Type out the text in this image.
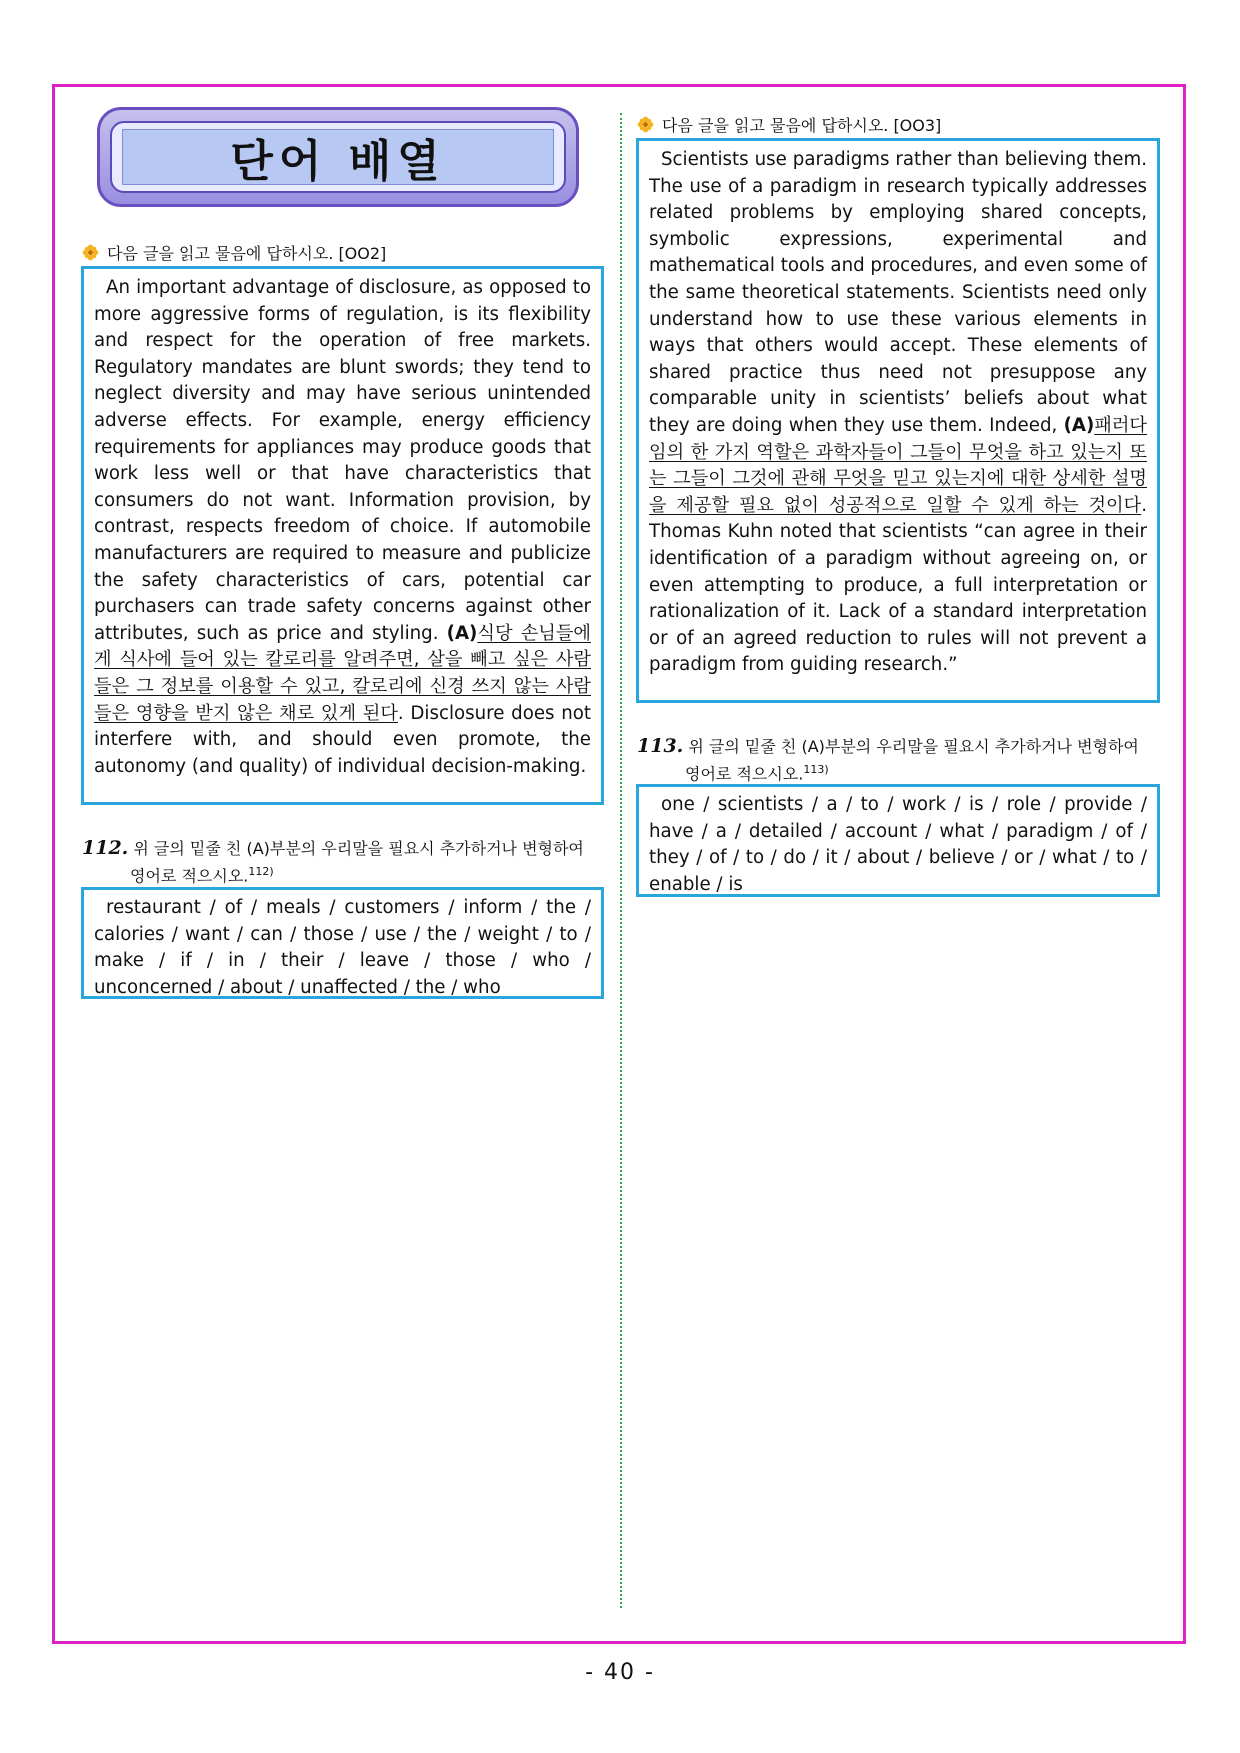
단어 배열
다음 글을 읽고 물음에 답하시오. [OO2]

An important advantage of disclosure, as opposed to more aggressive forms of regulation, is its flexibility and respect for the operation of free markets. Regulatory mandates are blunt swords; they tend to neglect diversity and may have serious unintended adverse effects. For example, energy efficiency requirements for appliances may produce goods that work less well or that have characteristics that consumers do not want. Information provision, by contrast, respects freedom of choice. If automobile manufacturers are required to measure and publicize the safety characteristics of cars, potential car purchasers can trade safety concerns against other attributes, such as price and styling. (A)식당 손님들에게 식사에 들어 있는 칼로리를 알려주면, 살을 빼고 싶은 사람들은 그 정보를 이용할 수 있고, 칼로리에 신경 쓰지 않는 사람들은 영향을 받지 않은 채로 있게 된다. Disclosure does not interfere with, and should even promote, the autonomy (and quality) of individual decision-making.

112. 위 글의 밑줄 친 (A)부분의 우리말을 필요시 추가하거나 변형하여
영어로 적으시오.$^{112)}$
restaurant / of / meals / customers / inform / the / calories / want / can / those / use / the / weight / to / make / if / in / their / leave / those / who / unconcerned / about / unaffected / the / who
다음 글을 읽고 물음에 답하시오. [OO3]

Scientists use paradigms rather than believing them. The use of a paradigm in research typically addresses related problems by employing shared concepts, symbolic expressions, experimental and mathematical tools and procedures, and even some of the same theoretical statements. Scientists need only understand how to use these various elements in ways that others would accept. These elements of shared practice thus need not presuppose any comparable unity in scientists’ beliefs about what they are doing when they use them. Indeed, (A)패러다임의 한 가지 역할은 과학자들이 그들이 무엇을 하고 있는지 또는 그들이 그것에 관해 무엇을 믿고 있는지에 대한 상세한 설명을 제공할 필요 없이 성공적으로 일할 수 있게 하는 것이다. Thomas Kuhn noted that scientists “can agree in their identification of a paradigm without agreeing on, or even attempting to produce, a full interpretation or rationalization of it. Lack of a standard interpretation or of an agreed reduction to rules will not prevent a paradigm from guiding research.”

113. 위 글의 밑줄 친 (A)부분의 우리말을 필요시 추가하거나 변형하여
영어로 적으시오.$^{113)}$
one / scientists / a / to / work / is / role / provide / have / a / detailed / account / what / paradigm / of / they / of / to / do / it / about / believe / or / what / to / enable / is
- 40 -
